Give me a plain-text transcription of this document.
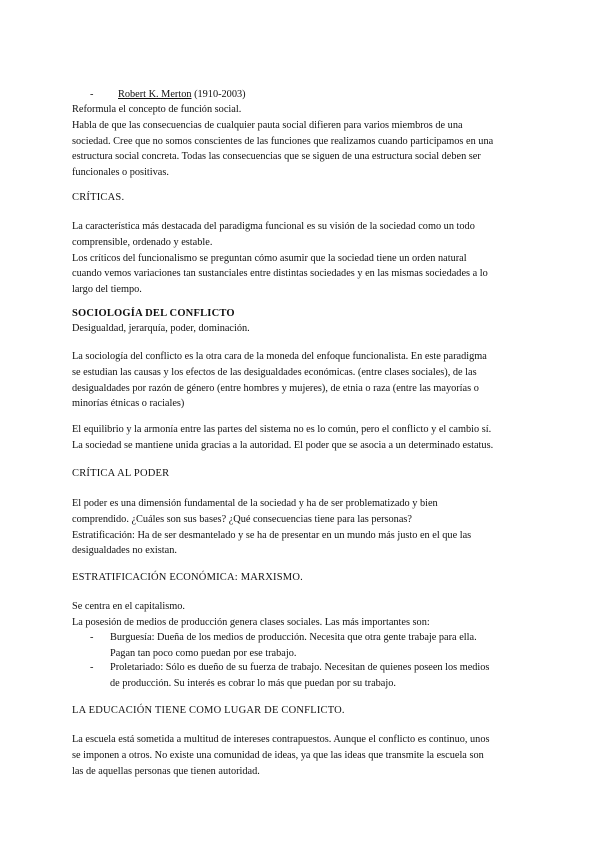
- Robert K. Merton (1910-2003)

Reformula el concepto de función social.

Habla de que las consecuencias de cualquier pauta social difieren para varios miembros de una

sociedad. Cree que no somos conscientes de las funciones que realizamos cuando participamos en una

estructura social concreta. Todas las consecuencias que se siguen de una estructura social deben ser

funcionales o positivas.

CRÍTICAS.

La característica más destacada del paradigma funcional es su visión de la sociedad como un todo

comprensible, ordenado y estable.

Los críticos del funcionalismo se preguntan cómo asumir que la sociedad tiene un orden natural

cuando vemos variaciones tan sustanciales entre distintas sociedades y en las mismas sociedades a lo

largo del tiempo.

SOCIOLOGÍA DEL CONFLICTO

Desigualdad, jerarquía, poder, dominación.

La sociología del conflicto es la otra cara de la moneda del enfoque funcionalista. En este paradigma

se estudian las causas y los efectos de las desigualdades económicas. (entre clases sociales), de las

desigualdades por razón de género (entre hombres y mujeres), de etnia o raza (entre las mayorías o

minorías étnicas o raciales)

El equilibrio y la armonía entre las partes del sistema no es lo común, pero el conflicto y el cambio sí.

La sociedad se mantiene unida gracias a la autoridad. El poder que se asocia a un determinado estatus.

CRÍTICA AL PODER

El poder es una dimensión fundamental de la sociedad y ha de ser problematizado y bien

comprendido. ¿Cuáles son sus bases? ¿Qué consecuencias tiene para las personas?

Estratificación: Ha de ser desmantelado y se ha de presentar en un mundo más justo en el que las

desigualdades no existan.

ESTRATIFICACIÓN ECONÓMICA: MARXISMO.

Se centra en el capitalismo.

La posesión de medios de producción genera clases sociales. Las más importantes son:

- Burguesía: Dueña de los medios de producción. Necesita que otra gente trabaje para ella.

Pagan tan poco como puedan por ese trabajo.

- Proletariado: Sólo es dueño de su fuerza de trabajo. Necesitan de quienes poseen los medios

de producción. Su interés es cobrar lo más que puedan por su trabajo.

LA EDUCACIÓN TIENE COMO LUGAR DE CONFLICTO.

La escuela está sometida a multitud de intereses contrapuestos. Aunque el conflicto es continuo, unos

se imponen a otros. No existe una comunidad de ideas, ya que las ideas que transmite la escuela son

las de aquellas personas que tienen autoridad.
